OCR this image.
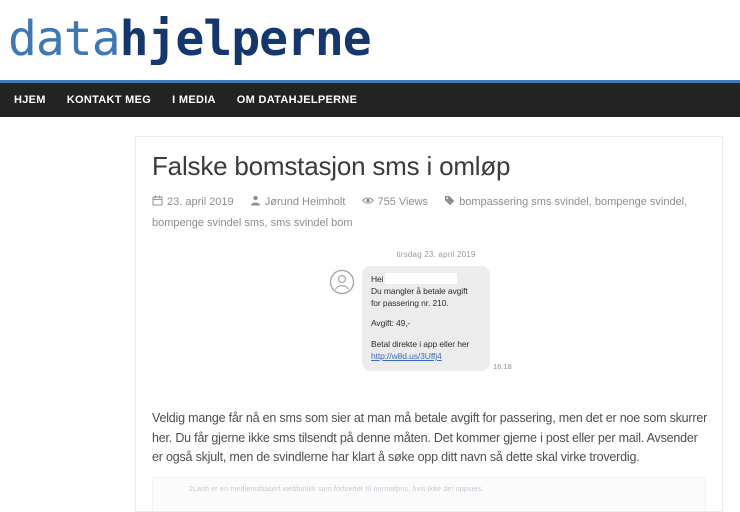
datahjelperne
HJEM KONTAKT MEG I MEDIA OM DATAHJELPERNE
Falske bomstasjon sms i omløp
23. april 2019	Jørund Heimholt	755 Views	bompassering sms svindel, bompenge svindel, bompenge svindel sms, sms svindel bom
tirsdag 23. april 2019

Hei

Du mangler å betale avgift

for passering nr. 210.

Avgift: 49,-

Betal direkte i app eller her

http://w8d.us/3Uffj4

16:18

Veldig mange får nå en sms som sier at man må betale avgift for passering, men det er noe som skurrer her. Du får gjerne ikke sms tilsendt på denne måten. Det kommer gjerne i post eller per mail. Avsender er også skjult, men de svindlerne har klart å søke opp ditt navn så dette skal virke troverdig.

2Lash er en medlemsbasert webbutikk som fortsetter til normalpris, hvis ikke det oppsies.
